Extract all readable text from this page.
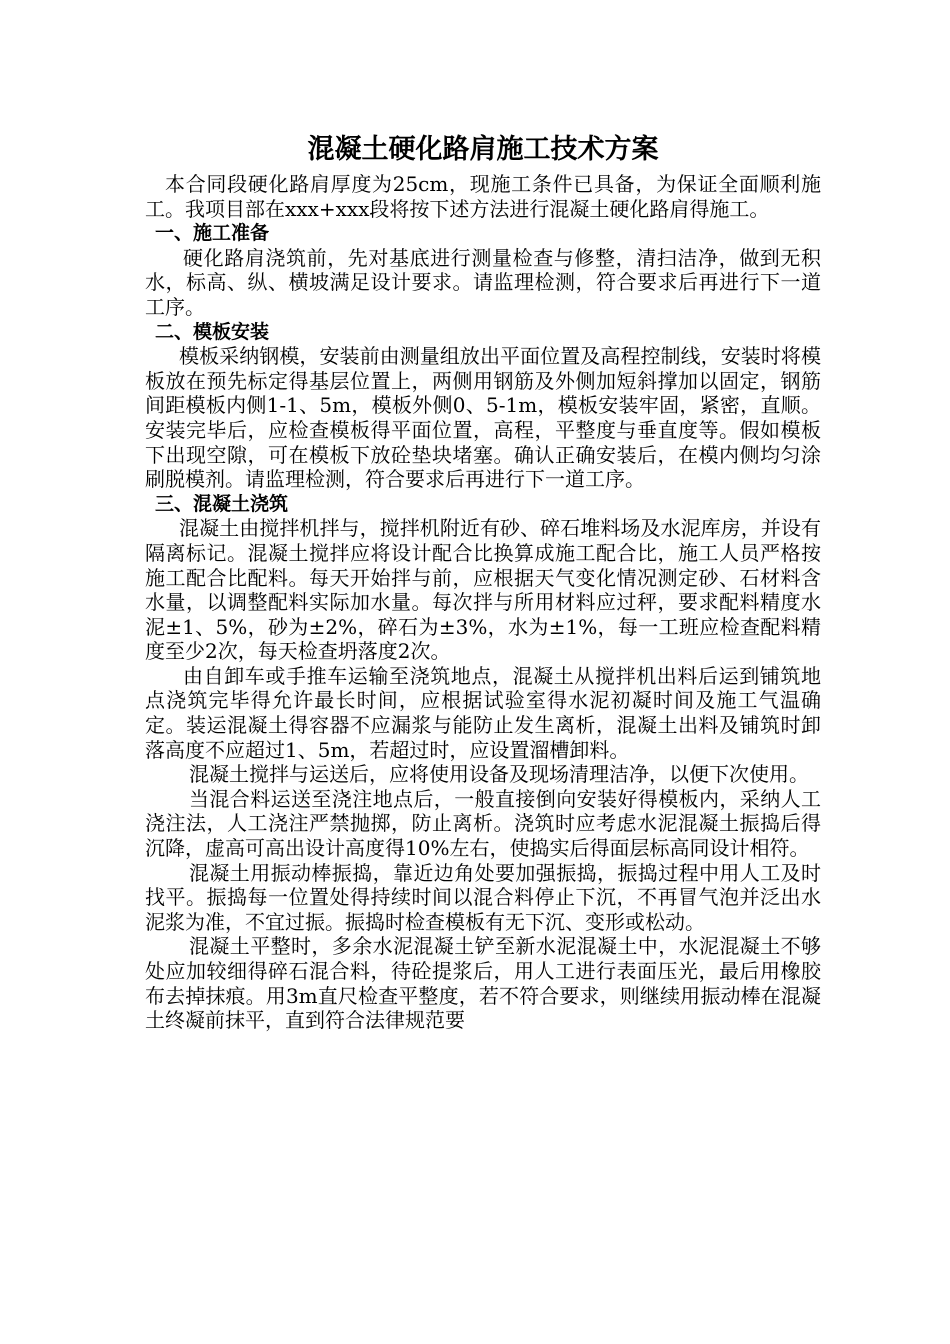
混凝土硬化路肩施工技术方案

本合同段硬化路肩厚度为25cm，现施工条件已具备，为保证全面顺利施工。我项目部在xxx+xxx段将按下述方法进行混凝土硬化路肩得施工。

一、施工准备

硬化路肩浇筑前，先对基底进行测量检查与修整，清扫洁净，做到无积水，标高、纵、横坡满足设计要求。请监理检测，符合要求后再进行下一道工序。

二、模板安装

模板采纳钢模，安装前由测量组放出平面位置及高程控制线，安装时将模板放在预先标定得基层位置上，两侧用钢筋及外侧加短斜撑加以固定，钢筋间距模板内侧1-1、5m，模板外侧0、5-1m，模板安装牢固，紧密，直顺。安装完毕后，应检查模板得平面位置，高程，平整度与垂直度等。假如模板下出现空隙，可在模板下放砼垫块堵塞。确认正确安装后，在模内侧均匀涂刷脱模剂。请监理检测，符合要求后再进行下一道工序。

三、混凝土浇筑

混凝土由搅拌机拌与，搅拌机附近有砂、碎石堆料场及水泥库房，并设有隔离标记。混凝土搅拌应将设计配合比换算成施工配合比，施工人员严格按施工配合比配料。每天开始拌与前，应根据天气变化情况测定砂、石材料含水量，以调整配料实际加水量。每次拌与所用材料应过秤，要求配料精度水泥±1、5%，砂为±2%，碎石为±3%，水为±1%，每一工班应检查配料精度至少2次，每天检查坍落度2次。

由自卸车或手推车运输至浇筑地点，混凝土从搅拌机出料后运到铺筑地点浇筑完毕得允许最长时间，应根据试验室得水泥初凝时间及施工气温确定。装运混凝土得容器不应漏浆与能防止发生离析，混凝土出料及铺筑时卸落高度不应超过1、5m，若超过时，应设置溜槽卸料。

混凝土搅拌与运送后，应将使用设备及现场清理洁净，以便下次使用。

当混合料运送至浇注地点后，一般直接倒向安装好得模板内，采纳人工浇注法，人工浇注严禁抛掷，防止离析。浇筑时应考虑水泥混凝土振捣后得沉降，虚高可高出设计高度得10%左右，使捣实后得面层标高同设计相符。

混凝土用振动棒振捣，靠近边角处要加强振捣，振捣过程中用人工及时找平。振捣每一位置处得持续时间以混合料停止下沉，不再冒气泡并泛出水泥浆为准，不宜过振。振捣时检查模板有无下沉、变形或松动。

混凝土平整时，多余水泥混凝土铲至新水泥混凝土中，水泥混凝土不够处应加较细得碎石混合料，待砼提浆后，用人工进行表面压光，最后用橡胶布去掉抹痕。用3m直尺检查平整度，若不符合要求，则继续用振动棒在混凝土终凝前抹平，直到符合法律规范要
